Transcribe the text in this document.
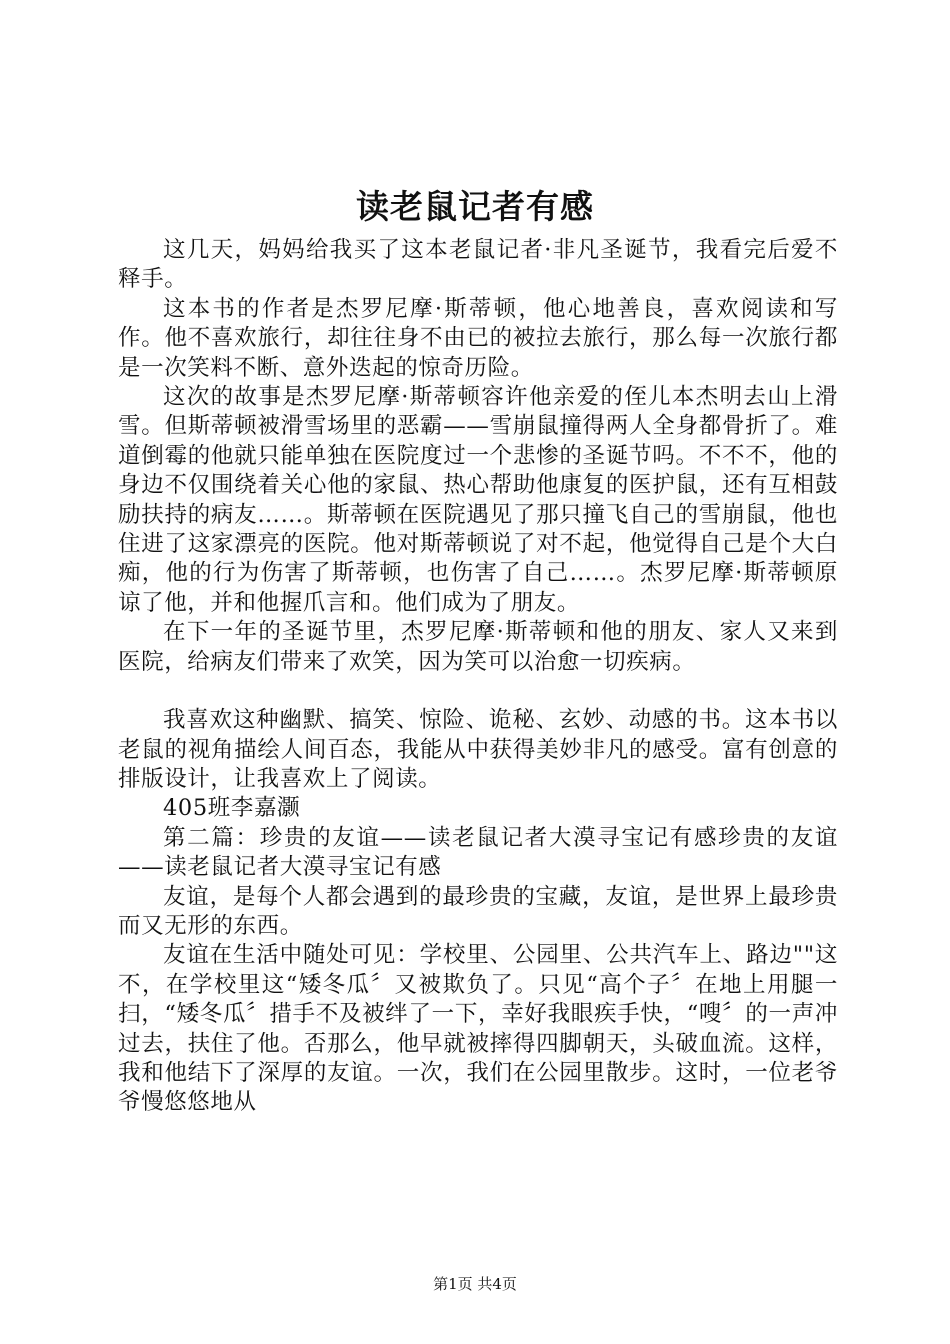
读老鼠记者有感

这几天，妈妈给我买了这本老鼠记者·非凡圣诞节，我看完后爱不释手。

这本书的作者是杰罗尼摩·斯蒂顿，他心地善良，喜欢阅读和写作。他不喜欢旅行，却往往身不由已的被拉去旅行，那么每一次旅行都是一次笑料不断、意外迭起的惊奇历险。

这次的故事是杰罗尼摩·斯蒂顿容许他亲爱的侄儿本杰明去山上滑雪。但斯蒂顿被滑雪场里的恶霸——雪崩鼠撞得两人全身都骨折了。难道倒霉的他就只能单独在医院度过一个悲惨的圣诞节吗。不不不，他的身边不仅围绕着关心他的家鼠、热心帮助他康复的医护鼠，还有互相鼓励扶持的病友……。斯蒂顿在医院遇见了那只撞飞自己的雪崩鼠，他也住进了这家漂亮的医院。他对斯蒂顿说了对不起，他觉得自己是个大白痴，他的行为伤害了斯蒂顿，也伤害了自己……。杰罗尼摩·斯蒂顿原谅了他，并和他握爪言和。他们成为了朋友。

在下一年的圣诞节里，杰罗尼摩·斯蒂顿和他的朋友、家人又来到医院，给病友们带来了欢笑，因为笑可以治愈一切疾病。

我喜欢这种幽默、搞笑、惊险、诡秘、玄妙、动感的书。这本书以老鼠的视角描绘人间百态，我能从中获得美妙非凡的感受。富有创意的排版设计，让我喜欢上了阅读。

405班李嘉灏

第二篇：珍贵的友谊——读老鼠记者大漠寻宝记有感珍贵的友谊——读老鼠记者大漠寻宝记有感

友谊，是每个人都会遇到的最珍贵的宝藏，友谊，是世界上最珍贵而又无形的东西。

友谊在生活中随处可见：学校里、公园里、公共汽车上、路边""这不，在学校里这“矮冬瓜〞又被欺负了。只见“高个子〞在地上用腿一扫，“矮冬瓜〞措手不及被绊了一下，幸好我眼疾手快，“嗖〞的一声冲过去，扶住了他。否那么，他早就被摔得四脚朝天，头破血流。这样，我和他结下了深厚的友谊。一次，我们在公园里散步。这时，一位老爷爷慢悠悠地从

第1页 共4页
